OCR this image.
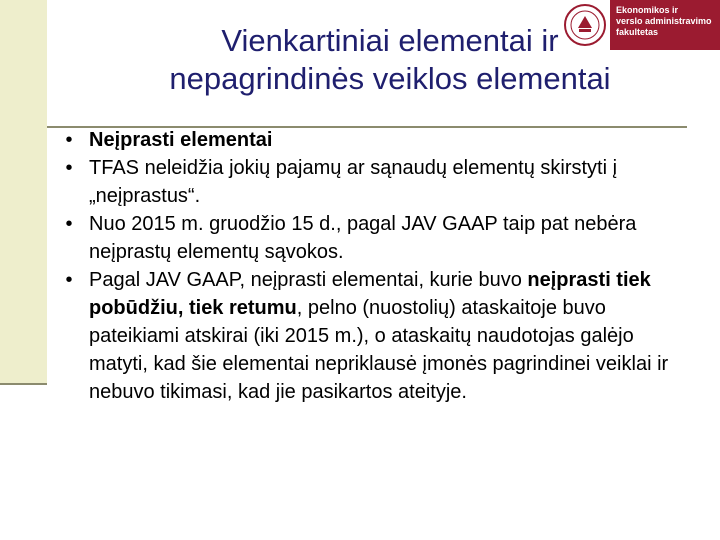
Vienkartiniai elementai ir
nepagrindinės veiklos elementai
Ekonomikos ir
verslo administravimo
fakultetas
• Neįprasti elementai
• TFAS neleidžia jokių pajamų ar sąnaudų elementų skirstyti į „neįprastus“.
• Nuo 2015 m. gruodžio 15 d., pagal JAV GAAP taip pat nebėra neįprastų elementų sąvokos.
• Pagal JAV GAAP, neįprasti elementai, kurie buvo neįprasti tiek pobūdžiu, tiek retumu, pelno (nuostolių) ataskaitoje buvo pateikiami atskirai (iki 2015 m.), o ataskaitų naudotojas galėjo matyti, kad šie elementai nepriklausė įmonės pagrindinei veiklai ir nebuvo tikimasi, kad jie pasikartos ateityje.
